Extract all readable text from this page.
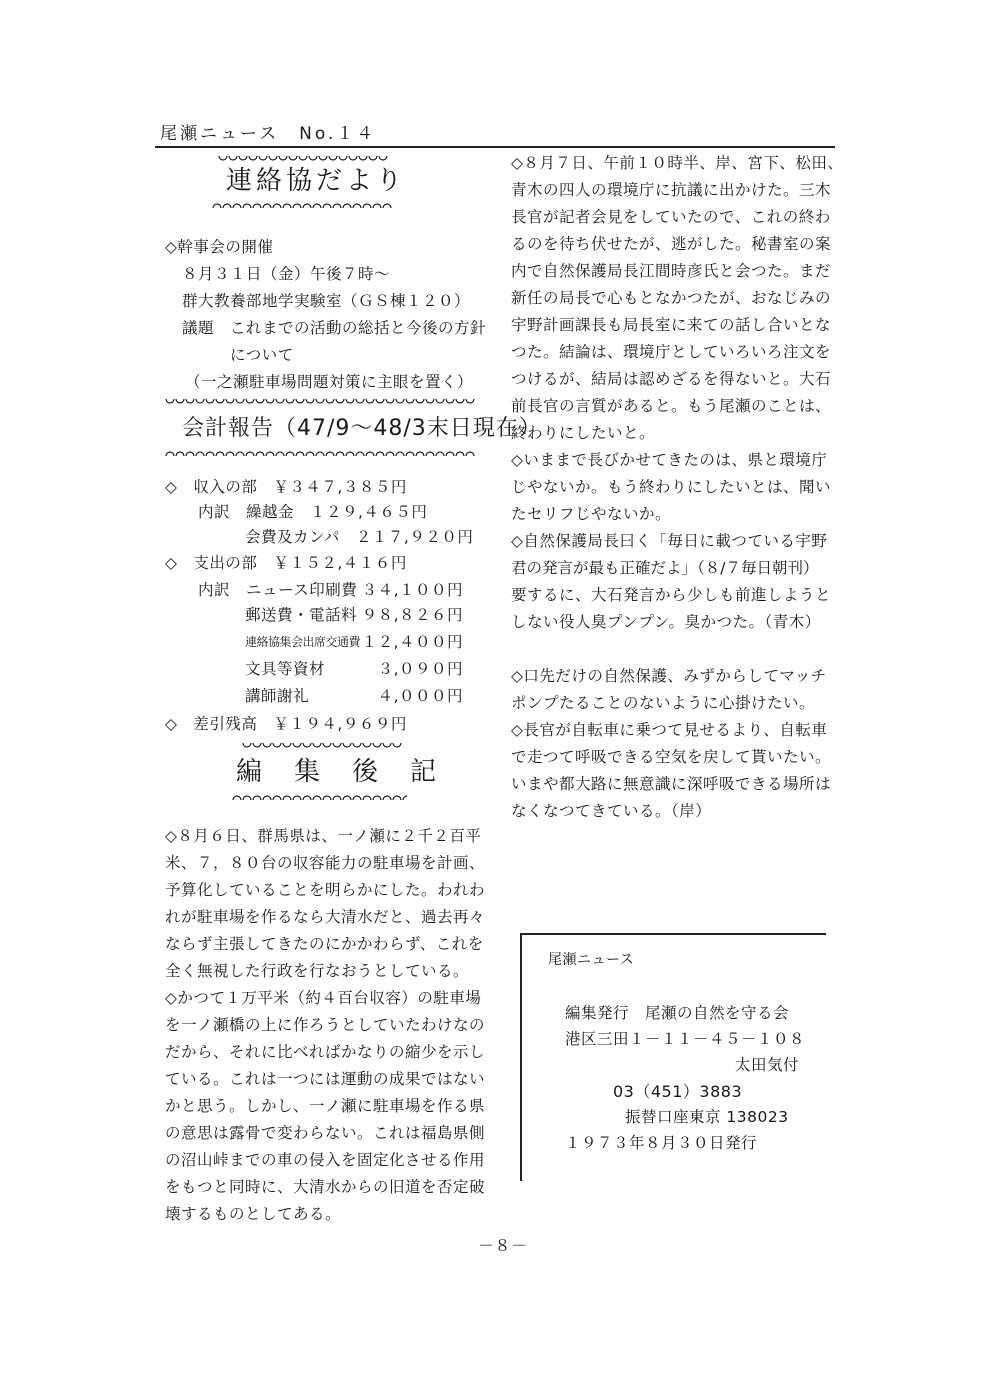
尾瀬ニュース　No.１４
連絡協だより
◇幹事会の開催
８月３１日（金）午後７時～
群大教養部地学実験室（ＧＳ棟１２０）
議題　これまでの活動の総括と今後の方針
について
（一之瀬駐車場問題対策に主眼を置く）
会計報告（47/9～48/3末日現在）
◇　収入の部　￥３４７,３８５円
内訳　繰越金　１２９,４６５円
会費及カンパ　２１７,９２０円
◇　支出の部　￥１５２,４１６円
内訳　ニュース印刷費 ３４,１００円
郵送費・電話料 ９８,８２６円
連絡協集会出席交通費 １２,４００円
文具等資材	３,０９０円
講師謝礼	４,０００円
◇　差引残高　￥１９４,９６９円
編　集　後　記
◇８月６日、群馬県は、一ノ瀬に２千２百平
米、７，８０台の収容能力の駐車場を計画、
予算化していることを明らかにした。われわ
れが駐車場を作るなら大清水だと、過去再々
ならず主張してきたのにかかわらず、これを
全く無視した行政を行なおうとしている。
◇かつて１万平米（約４百台収容）の駐車場
を一ノ瀬橋の上に作ろうとしていたわけなの
だから、それに比べればかなりの縮少を示し
ている。これは一つには運動の成果ではない
かと思う。しかし、一ノ瀬に駐車場を作る県
の意思は露骨で変わらない。これは福島県側
の沼山峠までの車の侵入を固定化させる作用
をもつと同時に、大清水からの旧道を否定破
壊するものとしてある。
◇８月７日、午前１０時半、岸、宮下、松田、
青木の四人の環境庁に抗議に出かけた。三木
長官が記者会見をしていたので、これの終わ
るのを待ち伏せたが、逃がした。秘書室の案
内で自然保護局長江間時彦氏と会つた。まだ
新任の局長で心もとなかつたが、おなじみの
宇野計画課長も局長室に来ての話し合いとな
つた。結論は、環境庁としていろいろ注文を
つけるが、結局は認めざるを得ないと。大石
前長官の言質があると。もう尾瀬のことは、
終わりにしたいと。
◇いままで長びかせてきたのは、県と環境庁
じやないか。もう終わりにしたいとは、聞い
たセリフじやないか。
◇自然保護局長曰く「毎日に載つている宇野
君の発言が最も正確だよ」（８/７毎日朝刊）
要するに、大石発言から少しも前進しようと
しない役人臭プンプン。臭かつた。（青木）
◇口先だけの自然保護、みずからしてマッチ
ポンプたることのないように心掛けたい。
◇長官が自転車に乗つて見せるより、自転車
で走つて呼吸できる空気を戻して貰いたい。
いまや都大路に無意識に深呼吸できる場所は
なくなつてきている。（岸）
尾瀬ニュース
編集発行　尾瀬の自然を守る会
港区三田１－１１－４５－１０８
太田気付
03（451）3883
振替口座東京 138023
１９７３年８月３０日発行
－８－
